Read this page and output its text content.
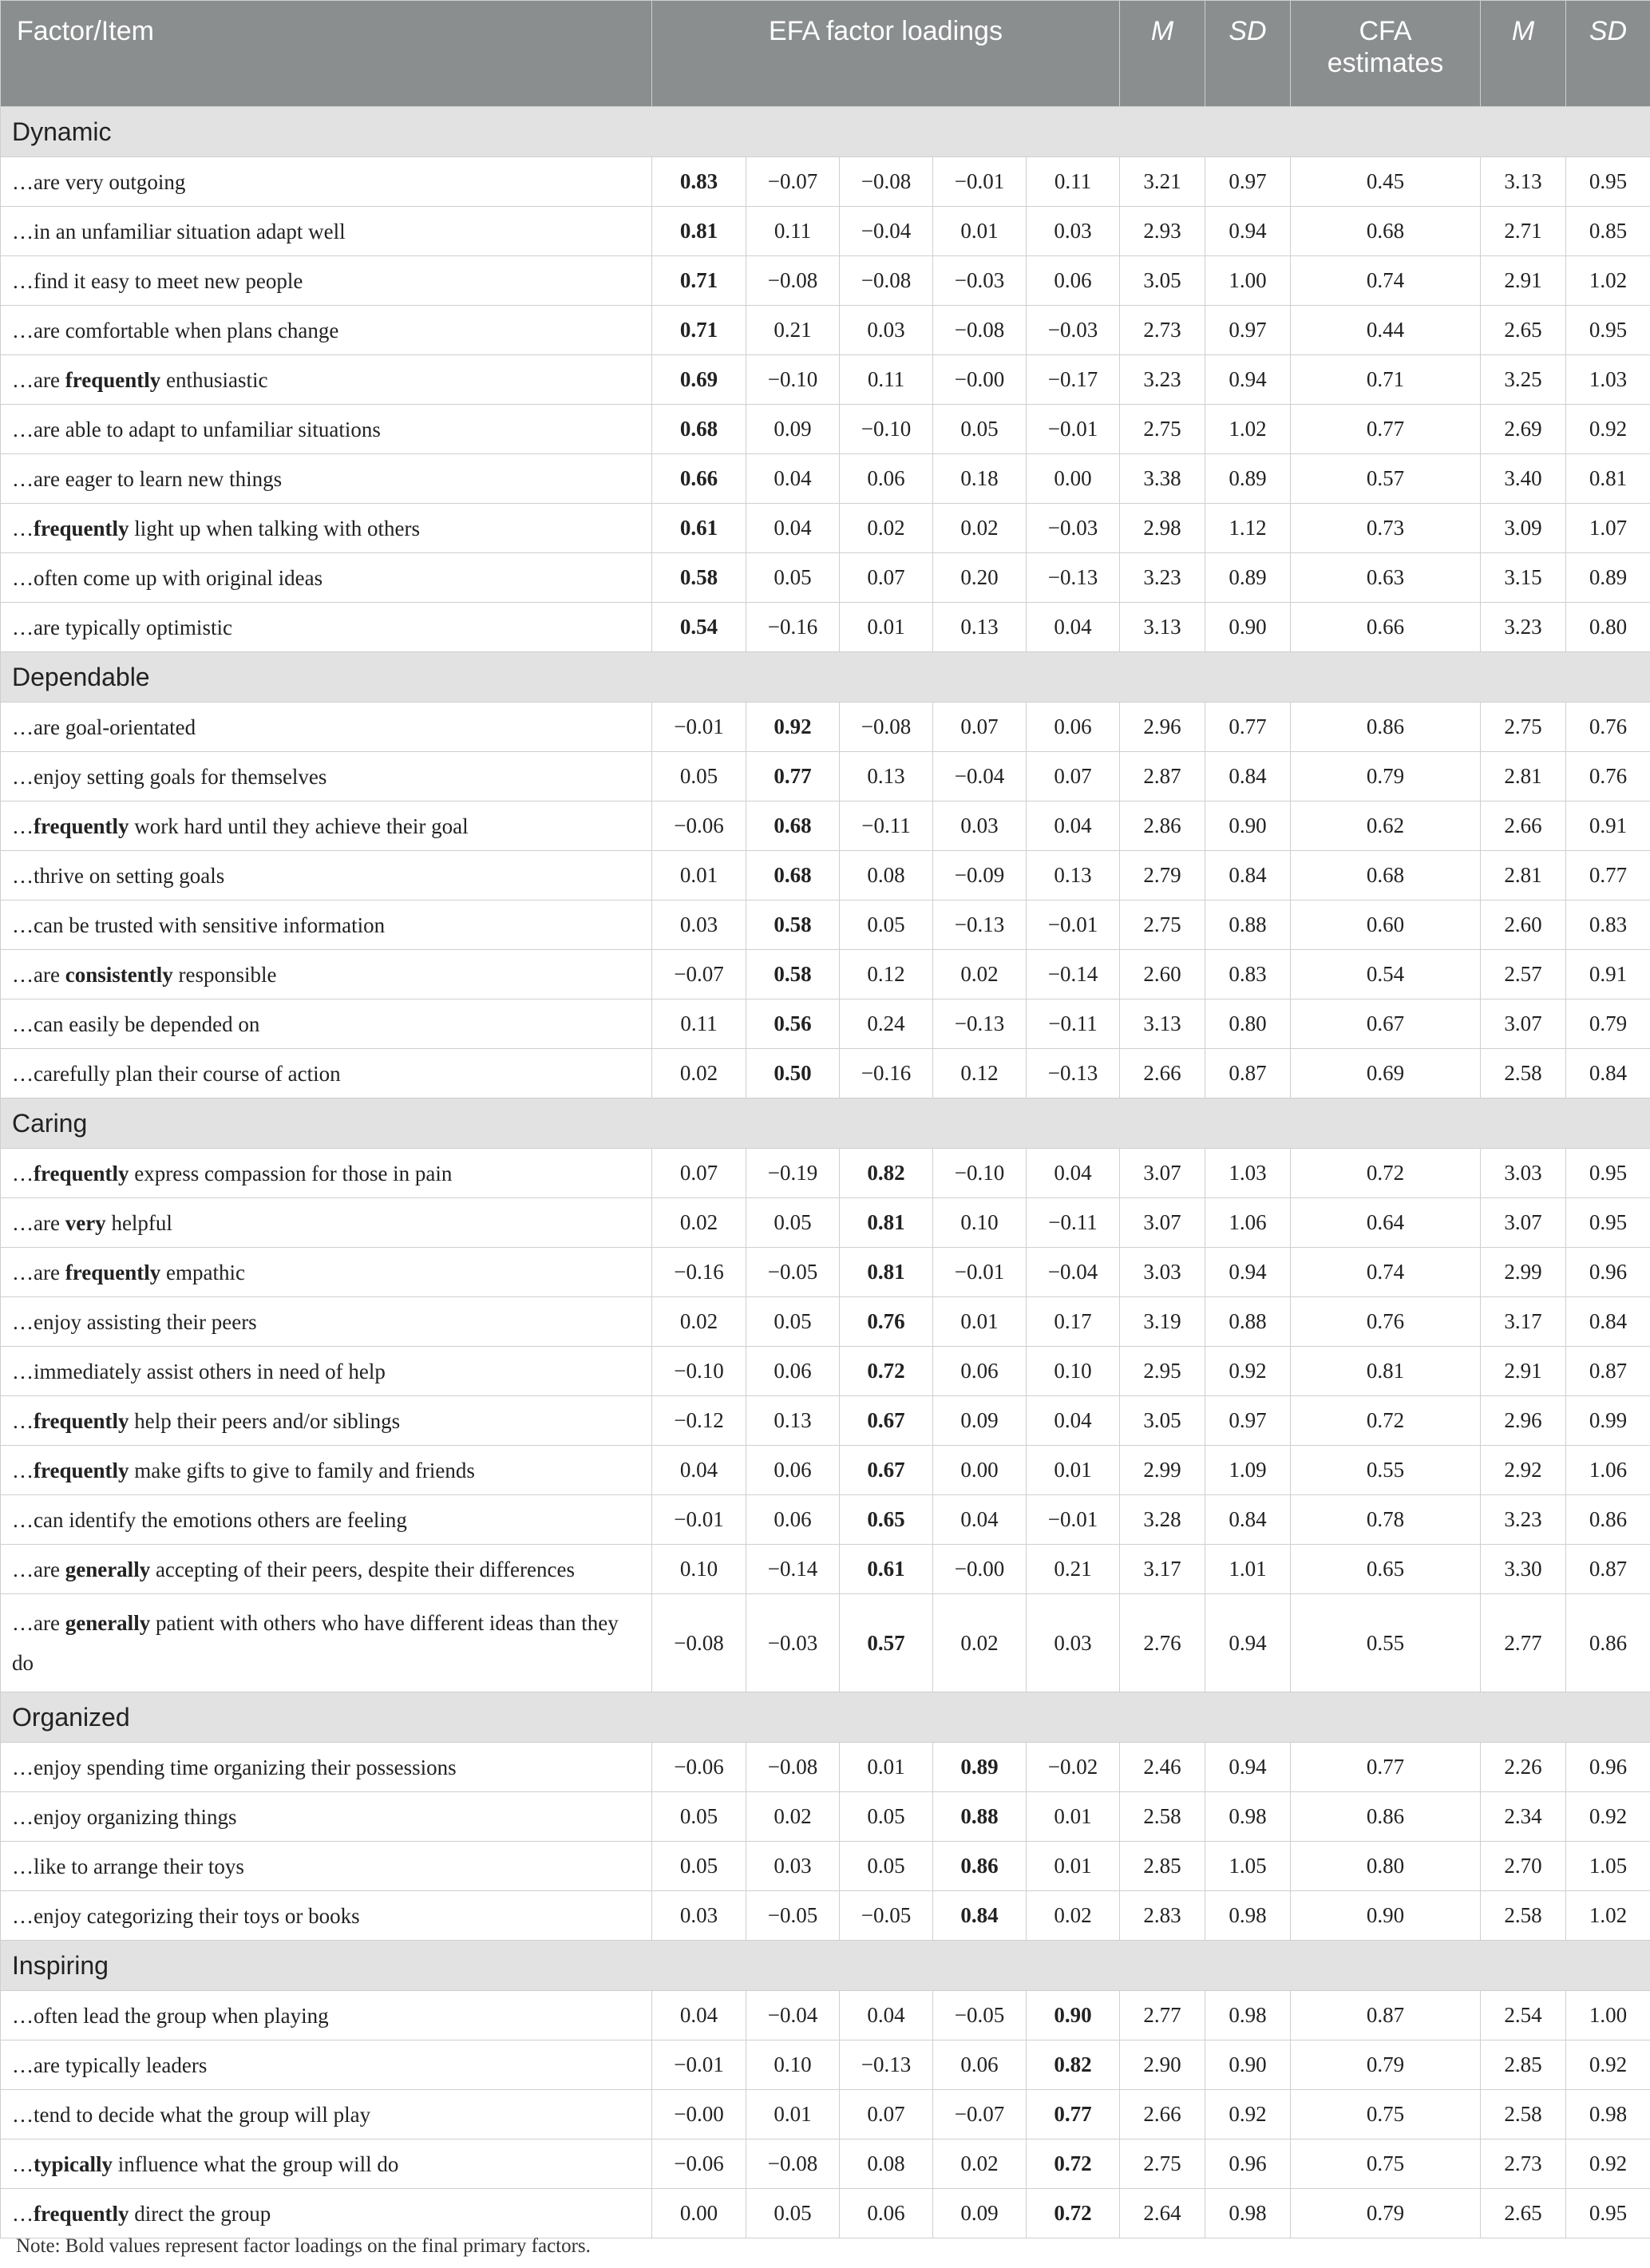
Factor/Item	EFA factor loadings					M	SD	CFA estimates	M	SD
Dynamic										
…are very outgoing	0.83	−0.07	−0.08	−0.01	0.11	3.21	0.97	0.45	3.13	0.95
…in an unfamiliar situation adapt well	0.81	0.11	−0.04	0.01	0.03	2.93	0.94	0.68	2.71	0.85
…find it easy to meet new people	0.71	−0.08	−0.08	−0.03	0.06	3.05	1.00	0.74	2.91	1.02
…are comfortable when plans change	0.71	0.21	0.03	−0.08	−0.03	2.73	0.97	0.44	2.65	0.95
…are frequently enthusiastic	0.69	−0.10	0.11	−0.00	−0.17	3.23	0.94	0.71	3.25	1.03
…are able to adapt to unfamiliar situations	0.68	0.09	−0.10	0.05	−0.01	2.75	1.02	0.77	2.69	0.92
…are eager to learn new things	0.66	0.04	0.06	0.18	0.00	3.38	0.89	0.57	3.40	0.81
…frequently light up when talking with others	0.61	0.04	0.02	0.02	−0.03	2.98	1.12	0.73	3.09	1.07
…often come up with original ideas	0.58	0.05	0.07	0.20	−0.13	3.23	0.89	0.63	3.15	0.89
…are typically optimistic	0.54	−0.16	0.01	0.13	0.04	3.13	0.90	0.66	3.23	0.80
Dependable										
…are goal-orientated	−0.01	0.92	−0.08	0.07	0.06	2.96	0.77	0.86	2.75	0.76
…enjoy setting goals for themselves	0.05	0.77	0.13	−0.04	0.07	2.87	0.84	0.79	2.81	0.76
…frequently work hard until they achieve their goal	−0.06	0.68	−0.11	0.03	0.04	2.86	0.90	0.62	2.66	0.91
…thrive on setting goals	0.01	0.68	0.08	−0.09	0.13	2.79	0.84	0.68	2.81	0.77
…can be trusted with sensitive information	0.03	0.58	0.05	−0.13	−0.01	2.75	0.88	0.60	2.60	0.83
…are consistently responsible	−0.07	0.58	0.12	0.02	−0.14	2.60	0.83	0.54	2.57	0.91
…can easily be depended on	0.11	0.56	0.24	−0.13	−0.11	3.13	0.80	0.67	3.07	0.79
…carefully plan their course of action	0.02	0.50	−0.16	0.12	−0.13	2.66	0.87	0.69	2.58	0.84
Caring										
…frequently express compassion for those in pain	0.07	−0.19	0.82	−0.10	0.04	3.07	1.03	0.72	3.03	0.95
…are very helpful	0.02	0.05	0.81	0.10	−0.11	3.07	1.06	0.64	3.07	0.95
…are frequently empathic	−0.16	−0.05	0.81	−0.01	−0.04	3.03	0.94	0.74	2.99	0.96
…enjoy assisting their peers	0.02	0.05	0.76	0.01	0.17	3.19	0.88	0.76	3.17	0.84
…immediately assist others in need of help	−0.10	0.06	0.72	0.06	0.10	2.95	0.92	0.81	2.91	0.87
…frequently help their peers and/or siblings	−0.12	0.13	0.67	0.09	0.04	3.05	0.97	0.72	2.96	0.99
…frequently make gifts to give to family and friends	0.04	0.06	0.67	0.00	0.01	2.99	1.09	0.55	2.92	1.06
…can identify the emotions others are feeling	−0.01	0.06	0.65	0.04	−0.01	3.28	0.84	0.78	3.23	0.86
…are generally accepting of their peers, despite their differences	0.10	−0.14	0.61	−0.00	0.21	3.17	1.01	0.65	3.30	0.87
…are generally patient with others who have different ideas than they do	−0.08	−0.03	0.57	0.02	0.03	2.76	0.94	0.55	2.77	0.86
Organized										
…enjoy spending time organizing their possessions	−0.06	−0.08	0.01	0.89	−0.02	2.46	0.94	0.77	2.26	0.96
…enjoy organizing things	0.05	0.02	0.05	0.88	0.01	2.58	0.98	0.86	2.34	0.92
…like to arrange their toys	0.05	0.03	0.05	0.86	0.01	2.85	1.05	0.80	2.70	1.05
…enjoy categorizing their toys or books	0.03	−0.05	−0.05	0.84	0.02	2.83	0.98	0.90	2.58	1.02
Inspiring										
…often lead the group when playing	0.04	−0.04	0.04	−0.05	0.90	2.77	0.98	0.87	2.54	1.00
…are typically leaders	−0.01	0.10	−0.13	0.06	0.82	2.90	0.90	0.79	2.85	0.92
…tend to decide what the group will play	−0.00	0.01	0.07	−0.07	0.77	2.66	0.92	0.75	2.58	0.98
…typically influence what the group will do	−0.06	−0.08	0.08	0.02	0.72	2.75	0.96	0.75	2.73	0.92
…frequently direct the group	0.00	0.05	0.06	0.09	0.72	2.64	0.98	0.79	2.65	0.95
Note: Bold values represent factor loadings on the final primary factors.
